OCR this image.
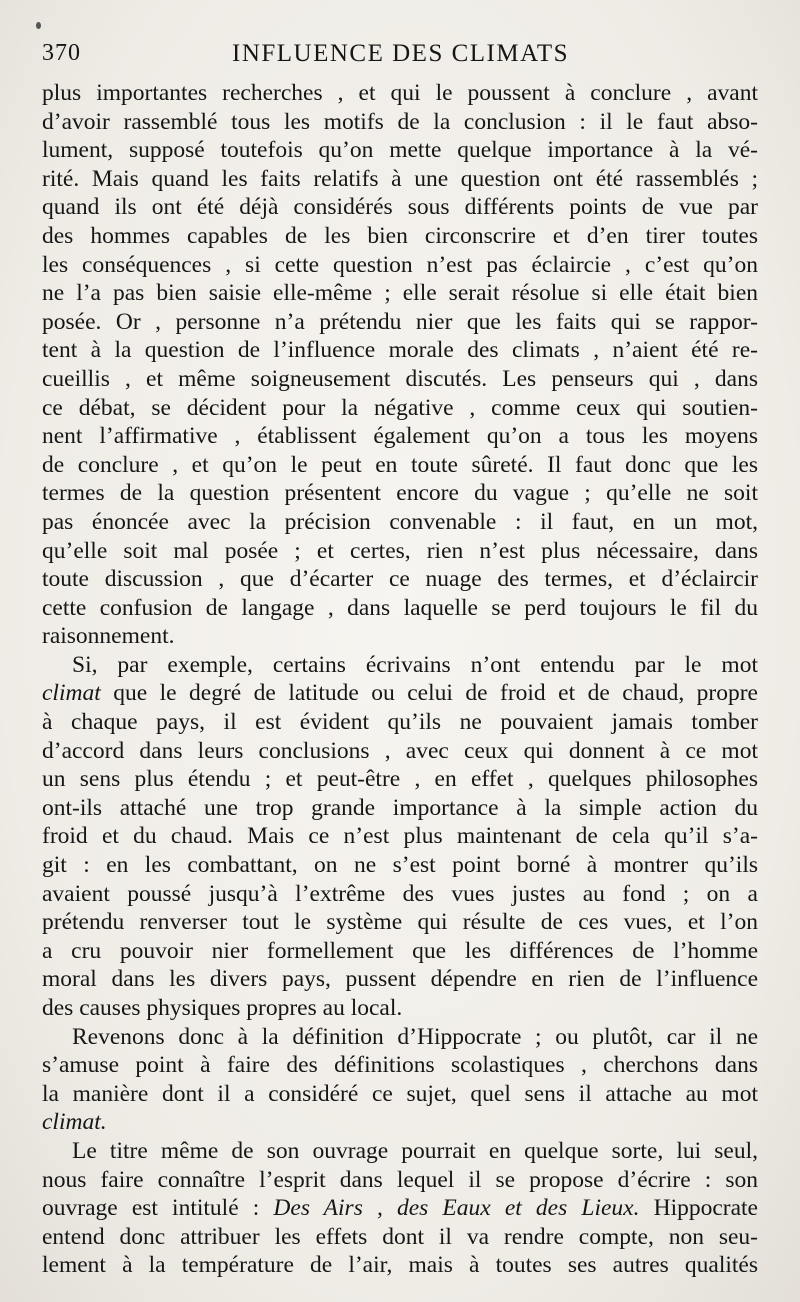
370	INFLUENCE DES CLIMATS
plus importantes recherches , et qui le poussent à conclure , avant
d’avoir rassemblé tous les motifs de la conclusion : il le faut abso-
lument, supposé toutefois qu’on mette quelque importance à la vé-
rité. Mais quand les faits relatifs à une question ont été rassemblés ;
quand ils ont été déjà considérés sous différents points de vue par
des hommes capables de les bien circonscrire et d’en tirer toutes
les conséquences , si cette question n’est pas éclaircie , c’est qu’on
ne l’a pas bien saisie elle-même ; elle serait résolue si elle était bien
posée. Or , personne n’a prétendu nier que les faits qui se rappor-
tent à la question de l’influence morale des climats , n’aient été re-
cueillis , et même soigneusement discutés. Les penseurs qui , dans
ce débat, se décident pour la négative , comme ceux qui soutien-
nent l’affirmative , établissent également qu’on a tous les moyens
de conclure , et qu’on le peut en toute sûreté. Il faut donc que les
termes de la question présentent encore du vague ; qu’elle ne soit
pas énoncée avec la précision convenable : il faut, en un mot,
qu’elle soit mal posée ; et certes, rien n’est plus nécessaire, dans
toute discussion , que d’écarter ce nuage des termes, et d’éclaircir
cette confusion de langage , dans laquelle se perd toujours le fil du
raisonnement.
Si, par exemple, certains écrivains n’ont entendu par le mot
climat que le degré de latitude ou celui de froid et de chaud, propre
à chaque pays, il est évident qu’ils ne pouvaient jamais tomber
d’accord dans leurs conclusions , avec ceux qui donnent à ce mot
un sens plus étendu ; et peut-être , en effet , quelques philosophes
ont-ils attaché une trop grande importance à la simple action du
froid et du chaud. Mais ce n’est plus maintenant de cela qu’il s’a-
git : en les combattant, on ne s’est point borné à montrer qu’ils
avaient poussé jusqu’à l’extrême des vues justes au fond ; on a
prétendu renverser tout le système qui résulte de ces vues, et l’on
a cru pouvoir nier formellement que les différences de l’homme
moral dans les divers pays, pussent dépendre en rien de l’influence
des causes physiques propres au local.
Revenons donc à la définition d’Hippocrate ; ou plutôt, car il ne
s’amuse point à faire des définitions scolastiques , cherchons dans
la manière dont il a considéré ce sujet, quel sens il attache au mot
climat.
Le titre même de son ouvrage pourrait en quelque sorte, lui seul,
nous faire connaître l’esprit dans lequel il se propose d’écrire : son
ouvrage est intitulé : Des Airs , des Eaux et des Lieux. Hippocrate
entend donc attribuer les effets dont il va rendre compte, non seu-
lement à la température de l’air, mais à toutes ses autres qualités
